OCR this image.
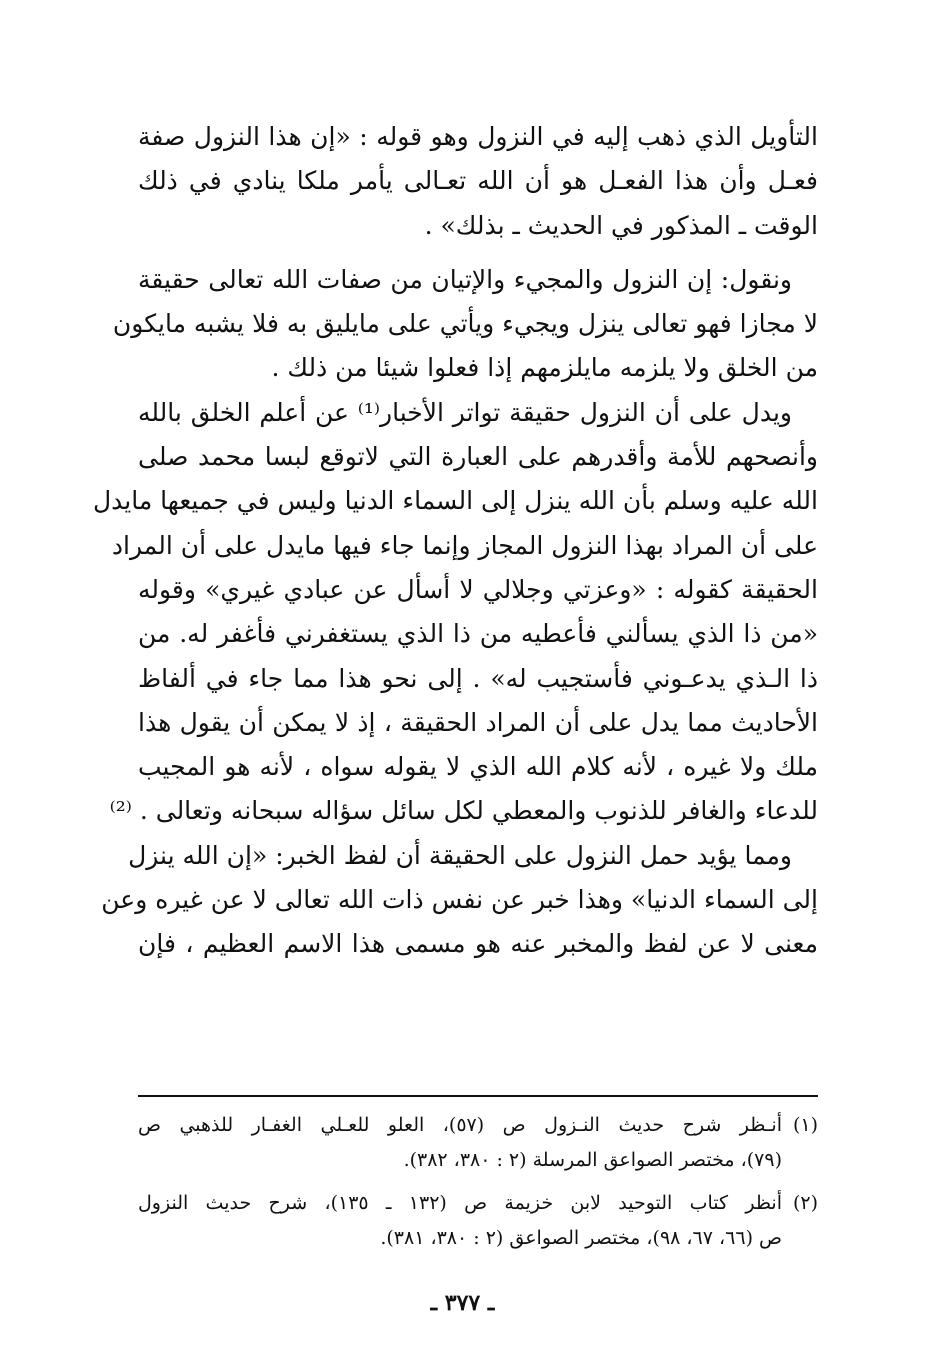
التأويل الذي ذهب إليه في النزول وهو قوله : «إن هذا النزول صفة
فعـل وأن هذا الفعـل هو أن الله تعـالى يأمر ملكا ينادي في ذلك
الوقت ـ المذكور في الحديث ـ بذلك» .
ونقول: إن النزول والمجيء والإتيان من صفات الله تعالى حقيقة
لا مجازا فهو تعالى ينزل ويجيء ويأتي على مايليق به فلا يشبه مايكون
من الخلق ولا يلزمه مايلزمهم إذا فعلوا شيئا من ذلك .
ويدل على أن النزول حقيقة تواتر الأخبار⁽¹⁾ عن أعلم الخلق بالله
وأنصحهم للأمة وأقدرهم على العبارة التي لاتوقع لبسا محمد صلى
الله عليه وسلم بأن الله ينزل إلى السماء الدنيا وليس في جميعها مايدل
على أن المراد بهذا النزول المجاز وإنما جاء فيها مايدل على أن المراد
الحقيقة كقوله : «وعزتي وجلالي لا أسأل عن عبادي غيري» وقوله
«من ذا الذي يسألني فأعطيه من ذا الذي يستغفرني فأغفر له. من
ذا الـذي يدعـوني فأستجيب له» . إلى نحو هذا مما جاء في ألفاظ
الأحاديث مما يدل على أن المراد الحقيقة ، إذ لا يمكن أن يقول هذا
ملك ولا غيره ، لأنه كلام الله الذي لا يقوله سواه ، لأنه هو المجيب
للدعاء والغافر للذنوب والمعطي لكل سائل سؤاله سبحانه وتعالى . ⁽²⁾
ومما يؤيد حمل النزول على الحقيقة أن لفظ الخبر: «إن الله ينزل
إلى السماء الدنيا» وهذا خبر عن نفس ذات الله تعالى لا عن غيره وعن
معنى لا عن لفظ والمخبر عنه هو مسمى هذا الاسم العظيم ، فإن
(١)
أنـظر شرح حديث النـزول ص (٥٧)، العلو للعـلي الغفـار للذهبي ص
(٧٩)، مختصر الصواعق المرسلة (٢ : ٣٨٠، ٣٨٢).
(٢)
أنظر كتاب التوحيد لابن خزيمة ص (١٣٢ ـ ١٣٥)، شرح حديث النزول
ص (٦٦، ٦٧، ٩٨)، مختصر الصواعق (٢ : ٣٨٠، ٣٨١).
ـ ٣٧٧ ـ
